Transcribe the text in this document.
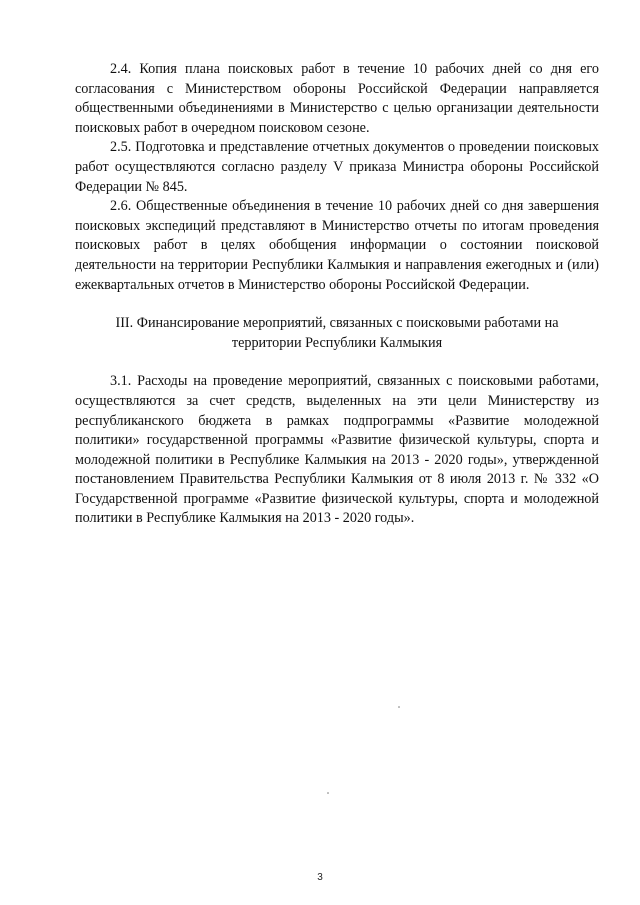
2.4. Копия плана поисковых работ в течение 10 рабочих дней со дня его согласования с Министерством обороны Российской Федерации направляется общественными объединениями в Министерство с целью организации деятельности поисковых работ в очередном поисковом сезоне.

2.5. Подготовка и представление отчетных документов о проведении поисковых работ осуществляются согласно разделу V приказа Министра обороны Российской Федерации № 845.

2.6. Общественные объединения в течение 10 рабочих дней со дня завершения поисковых экспедиций представляют в Министерство отчеты по итогам проведения поисковых работ в целях обобщения информации о состоянии поисковой деятельности на территории Республики Калмыкия и направления ежегодных и (или) ежеквартальных отчетов в Министерство обороны Российской Федерации.

III. Финансирование мероприятий, связанных с поисковыми работами на территории Республики Калмыкия

3.1. Расходы на проведение мероприятий, связанных с поисковыми работами, осуществляются за счет средств, выделенных на эти цели Министерству из республиканского бюджета в рамках подпрограммы «Развитие молодежной политики» государственной программы «Развитие физической культуры, спорта и молодежной политики в Республике Калмыкия на 2013 - 2020 годы», утвержденной постановлением Правительства Республики Калмыкия от 8 июля 2013 г. № 332 «О Государственной программе «Развитие физической культуры, спорта и молодежной политики в Республике Калмыкия на 2013 - 2020 годы».

3
